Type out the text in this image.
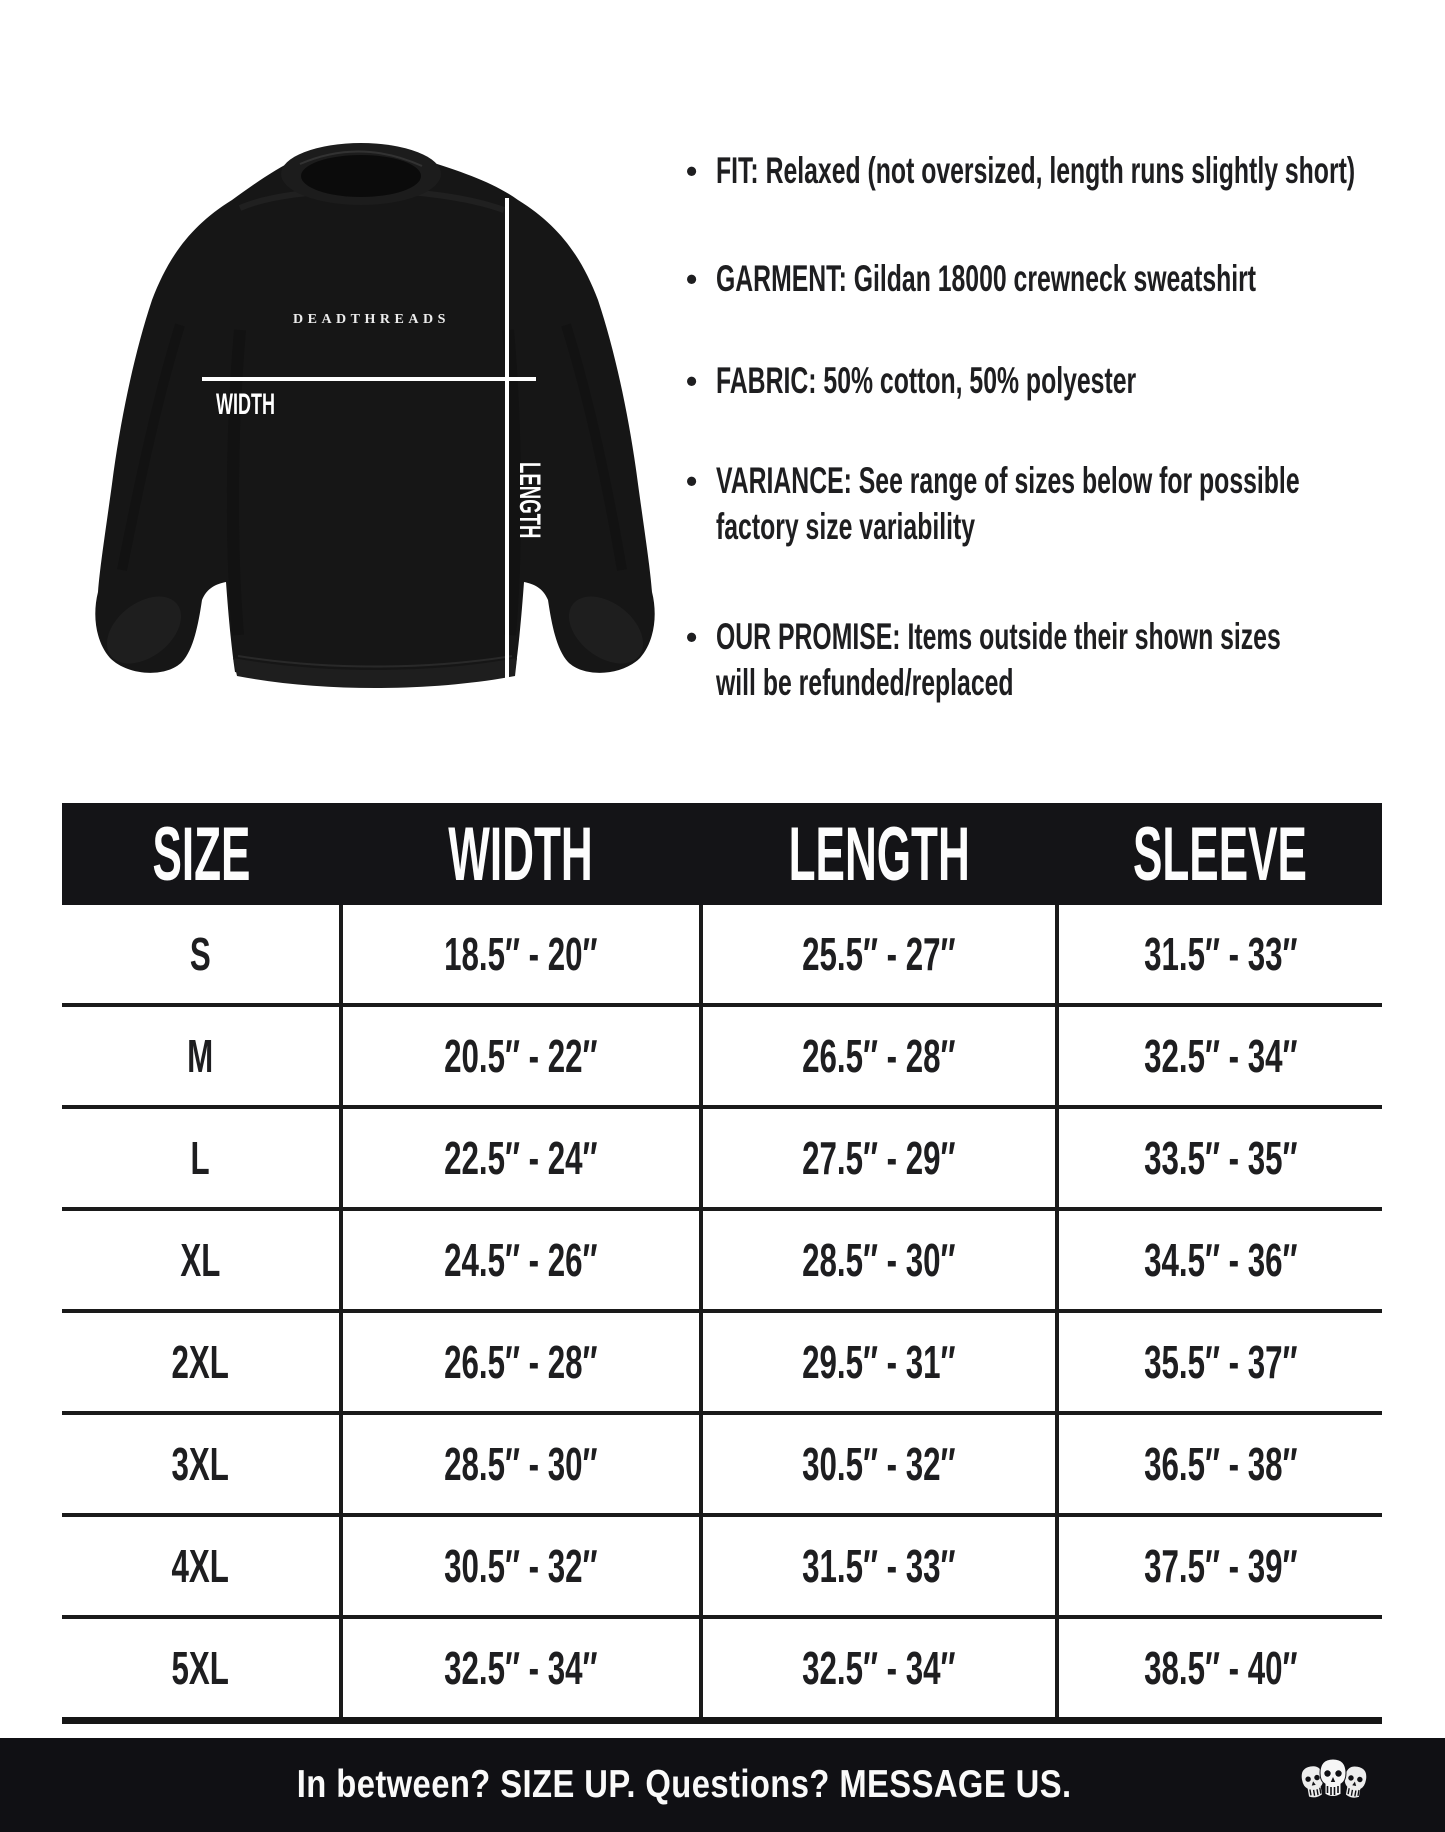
DEADTHREADS
WIDTH
LENGTH
• FIT: Relaxed (not oversized, length runs slightly short)
• GARMENT: Gildan 18000 crewneck sweatshirt
• FABRIC: 50% cotton, 50% polyester
• VARIANCE: See range of sizes below for possible
factory size variability
• OUR PROMISE: Items outside their shown sizes
will be refunded/replaced
SIZE	WIDTH	LENGTH	SLEEVE
S	18.5″ - 20″	25.5″ - 27″	31.5″ - 33″
M	20.5″ - 22″	26.5″ - 28″	32.5″ - 34″
L	22.5″ - 24″	27.5″ - 29″	33.5″ - 35″
XL	24.5″ - 26″	28.5″ - 30″	34.5″ - 36″
2XL	26.5″ - 28″	29.5″ - 31″	35.5″ - 37″
3XL	28.5″ - 30″	30.5″ - 32″	36.5″ - 38″
4XL	30.5″ - 32″	31.5″ - 33″	37.5″ - 39″
5XL	32.5″ - 34″	32.5″ - 34″	38.5″ - 40″
In between? SIZE UP. Questions? MESSAGE US.
